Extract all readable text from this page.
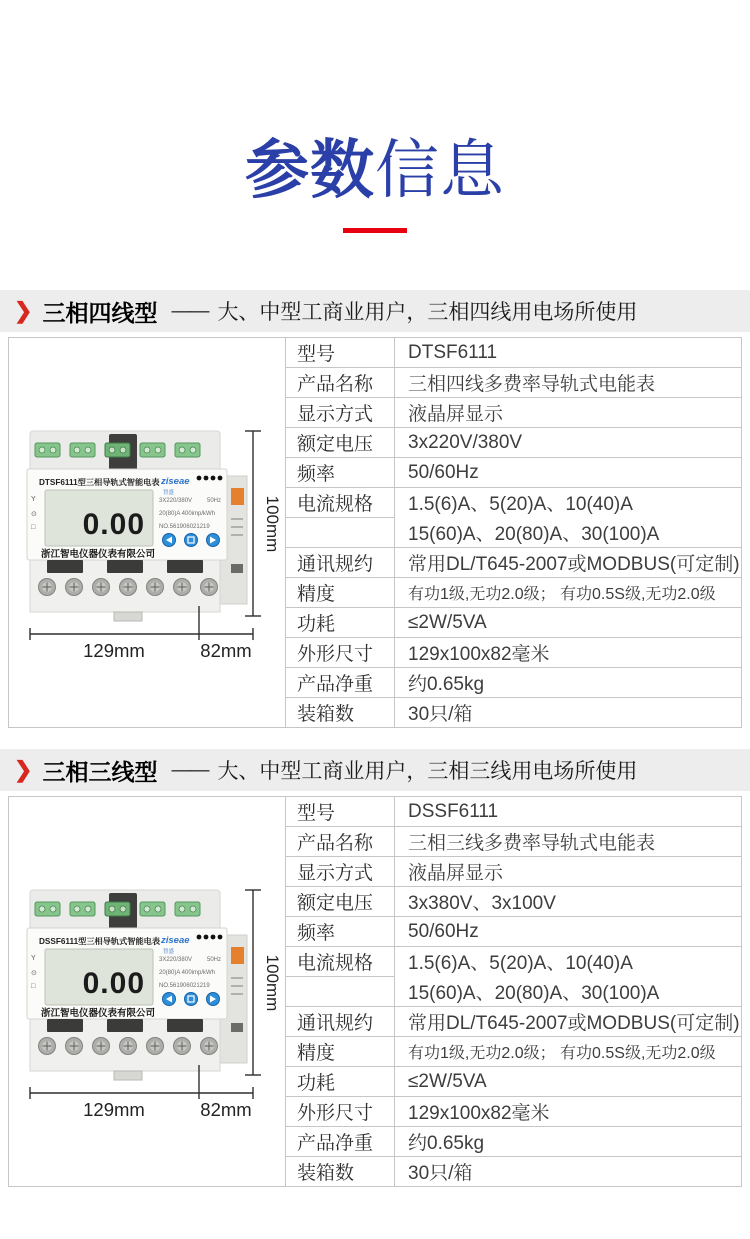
参数信息
❯ 三相四线型 —— 大、中型工商业用户，三相四线用电场所使用
DTSF6111型三相导轨式智能电表 ziseae
智盛
Y
⊙
□ 0.00
3X220/380V 50Hz
20(80)A 400imp/kWh
NO.561906021219
浙江智电仪器仪表有限公司
100mm
129mm	82mm
	型号	DTSF6111
	产品名称	三相四线多费率导轨式电能表
	显示方式	液晶屏显示
	额定电压	3x220V/380V
	频率	50/60Hz
	电流规格	1.5(6)A、5(20)A、10(40)A
		15(60)A、20(80)A、30(100)A
	通讯规约	常用DL/T645-2007或MODBUS(可定制)
	精度	有功1级,无功2.0级； 有功0.5S级,无功2.0级
	功耗	≤2W/5VA
	外形尺寸	129x100x82毫米
	产品净重	约0.65kg
	装箱数	30只/箱
❯ 三相三线型 —— 大、中型工商业用户，三相三线用电场所使用
DSSF6111型三相导轨式智能电表 ziseae
智盛
Y
⊙
□ 0.00
3X220/380V 50Hz
20(80)A 400imp/kWh
NO.561906021219
浙江智电仪器仪表有限公司
100mm
129mm	82mm
	型号	DSSF6111
	产品名称	三相三线多费率导轨式电能表
	显示方式	液晶屏显示
	额定电压	3x380V、3x100V
	频率	50/60Hz
	电流规格	1.5(6)A、5(20)A、10(40)A
		15(60)A、20(80)A、30(100)A
	通讯规约	常用DL/T645-2007或MODBUS(可定制)
	精度	有功1级,无功2.0级； 有功0.5S级,无功2.0级
	功耗	≤2W/5VA
	外形尺寸	129x100x82毫米
	产品净重	约0.65kg
	装箱数	30只/箱
